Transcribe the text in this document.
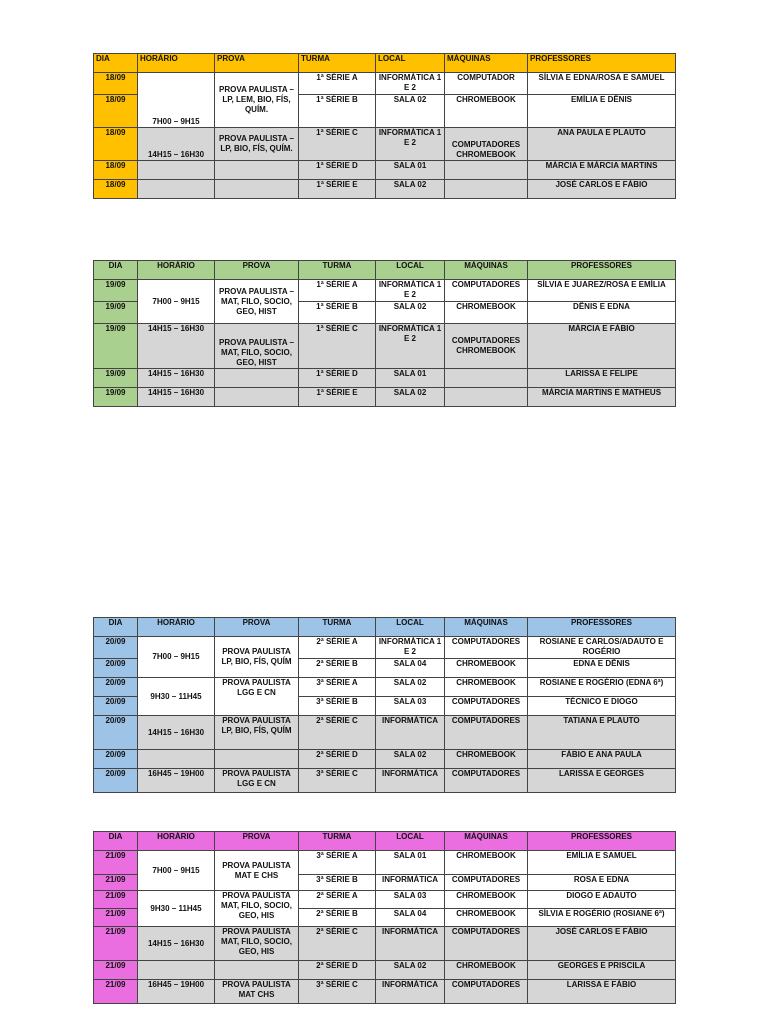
DIA	HORÁRIO	PROVA	TURMA	LOCAL	MÁQUINAS	PROFESSORES
18/09	7H00 – 9H15	PROVA PAULISTA – LP, LEM, BIO, FÍS, QUÍM.	1ª SÉRIE A	INFORMÁTICA 1 E 2	COMPUTADOR	SÍLVIA E EDNA/ROSA E SAMUEL
18/09			1ª SÉRIE B	SALA 02	CHROMEBOOK	EMÍLIA E DÊNIS
18/09	14H15 – 16H30	PROVA PAULISTA – LP, BIO, FÍS, QUÍM.	1ª SÉRIE C	INFORMÁTICA 1 E 2	COMPUTADORES CHROMEBOOK	ANA PAULA E PLAUTO
18/09			1ª SÉRIE D	SALA 01		MÁRCIA E MÁRCIA MARTINS
18/09			1ª SÉRIE E	SALA 02		JOSÉ CARLOS E FÁBIO
DIA	HORÁRIO	PROVA	TURMA	LOCAL	MÁQUINAS	PROFESSORES
19/09	7H00 – 9H15	PROVA PAULISTA – MAT, FILO, SOCIO, GEO, HIST	1ª SÉRIE A	INFORMÁTICA 1 E 2	COMPUTADORES	SÍLVIA E JUAREZ/ROSA E EMÍLIA
19/09			1ª SÉRIE B	SALA 02	CHROMEBOOK	DÊNIS E EDNA
19/09	14H15 – 16H30	PROVA PAULISTA – MAT, FILO, SOCIO, GEO, HIST	1ª SÉRIE C	INFORMÁTICA 1 E 2	COMPUTADORES CHROMEBOOK	MÁRCIA E FÁBIO
19/09	14H15 – 16H30		1ª SÉRIE D	SALA 01		LARISSA E FELIPE
19/09	14H15 – 16H30		1ª SÉRIE E	SALA 02		MÁRCIA MARTINS E MATHEUS
DIA	HORÁRIO	PROVA	TURMA	LOCAL	MÁQUINAS	PROFESSORES
20/09	7H00 – 9H15	PROVA PAULISTA LP, BIO, FÍS, QUÍM	2ª SÉRIE A	INFORMÁTICA 1 E 2	COMPUTADORES	ROSIANE E CARLOS/ADAUTO E ROGÉRIO
20/09			2ª SÉRIE B	SALA 04	CHROMEBOOK	EDNA E DÊNIS
20/09	9H30 – 11H45	PROVA PAULISTA LGG E CN	3ª SÉRIE A	SALA 02	CHROMEBOOK	ROSIANE E ROGÉRIO (EDNA 6ª)
20/09			3ª SÉRIE B	SALA 03	COMPUTADORES	TÉCNICO E DIOGO
20/09	14H15 – 16H30	PROVA PAULISTA LP, BIO, FÍS, QUÍM	2ª SÉRIE C	INFORMÁTICA	COMPUTADORES	TATIANA E PLAUTO
20/09			2ª SÉRIE D	SALA 02	CHROMEBOOK	FÁBIO E ANA PAULA
20/09	16H45 – 19H00	PROVA PAULISTA LGG E CN	3ª SÉRIE C	INFORMÁTICA	COMPUTADORES	LARISSA E GEORGES
DIA	HORÁRIO	PROVA	TURMA	LOCAL	MÁQUINAS	PROFESSORES
21/09	7H00 – 9H15	PROVA PAULISTA MAT E CHS	3ª SÉRIE A	SALA 01	CHROMEBOOK	EMÍLIA E SAMUEL
21/09			3ª SÉRIE B	INFORMÁTICA	COMPUTADORES	ROSA E EDNA
21/09	9H30 – 11H45	PROVA PAULISTA MAT, FILO, SOCIO, GEO, HIS	2ª SÉRIE A	SALA 03	CHROMEBOOK	DIOGO E ADAUTO
21/09			2ª SÉRIE B	SALA 04	CHROMEBOOK	SÍLVIA E ROGÉRIO (ROSIANE 6ª)
21/09	14H15 – 16H30	PROVA PAULISTA MAT, FILO, SOCIO, GEO, HIS	2ª SÉRIE C	INFORMÁTICA	COMPUTADORES	JOSÉ CARLOS E FÁBIO
21/09			2ª SÉRIE D	SALA 02	CHROMEBOOK	GEORGES E PRISCILA
21/09	16H45 – 19H00	PROVA PAULISTA MAT CHS	3ª SÉRIE C	INFORMÁTICA	COMPUTADORES	LARISSA E FÁBIO
